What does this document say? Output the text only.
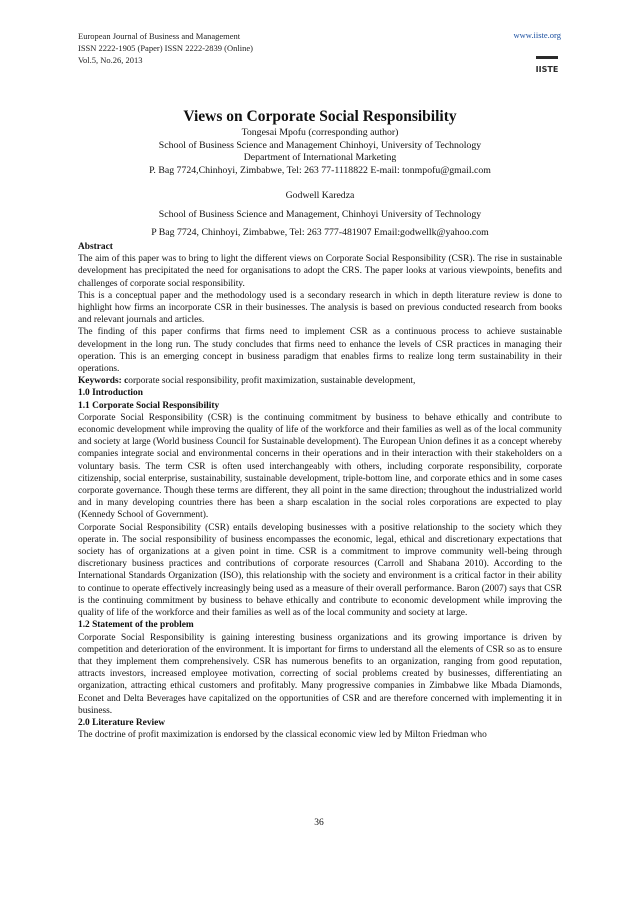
European Journal of Business and Management
ISSN 2222-1905 (Paper) ISSN 2222-2839 (Online)
Vol.5, No.26, 2013
www.iiste.org
IISTE
Views on Corporate Social Responsibility
Tongesai Mpofu (corresponding author)
School of Business Science and Management Chinhoyi, University of Technology
Department of International Marketing
P. Bag 7724,Chinhoyi, Zimbabwe, Tel: 263 77-1118822 E-mail: tonmpofu@gmail.com
Godwell Karedza
School of Business Science and Management, Chinhoyi University of Technology
P Bag 7724, Chinhoyi, Zimbabwe, Tel: 263 777-481907 Email:godwellk@yahoo.com

Abstract

The aim of this paper was to bring to light the different views on Corporate Social Responsibility (CSR). The rise in sustainable development has precipitated the need for organisations to adopt the CRS. The paper looks at various viewpoints, benefits and challenges of corporate social responsibility.

This is a conceptual paper and the methodology used is a secondary research in which in depth literature review is done to highlight how firms an incorporate CSR in their businesses. The analysis is based on previous conducted research from books and relevant journals and articles.

The finding of this paper confirms that firms need to implement CSR as a continuous process to achieve sustainable development in the long run. The study concludes that firms need to enhance the levels of CSR practices in managing their operation. This is an emerging concept in business paradigm that enables firms to realize long term sustainability in their operations.

Keywords: corporate social responsibility, profit maximization, sustainable development,

1.0 Introduction

1.1 Corporate Social Responsibility

Corporate Social Responsibility (CSR) is the continuing commitment by business to behave ethically and contribute to economic development while improving the quality of life of the workforce and their families as well as of the local community and society at large (World business Council for Sustainable development). The European Union defines it as a concept whereby companies integrate social and environmental concerns in their operations and in their interaction with their stakeholders on a voluntary basis. The term CSR is often used interchangeably with others, including corporate responsibility, corporate citizenship, social enterprise, sustainability, sustainable development, triple-bottom line, and corporate ethics and in some cases corporate governance. Though these terms are different, they all point in the same direction; throughout the industrialized world and in many developing countries there has been a sharp escalation in the social roles corporations are expected to play (Kennedy School of Government).

Corporate Social Responsibility (CSR) entails developing businesses with a positive relationship to the society which they operate in. The social responsibility of business encompasses the economic, legal, ethical and discretionary expectations that society has of organizations at a given point in time. CSR is a commitment to improve community well-being through discretionary business practices and contributions of corporate resources (Carroll and Shabana 2010). According to the International Standards Organization (ISO), this relationship with the society and environment is a critical factor in their ability to continue to operate effectively increasingly being used as a measure of their overall performance. Baron (2007) says that CSR is the continuing commitment by business to behave ethically and contribute to economic development while improving the quality of life of the workforce and their families as well as of the local community and society at large.

1.2 Statement of the problem

Corporate Social Responsibility is gaining interesting business organizations and its growing importance is driven by competition and deterioration of the environment. It is important for firms to understand all the elements of CSR so as to ensure that they implement them comprehensively. CSR has numerous benefits to an organization, ranging from good reputation, attracts investors, increased employee motivation, correcting of social problems created by businesses, differentiating an organization, attracting ethical customers and profitably. Many progressive companies in Zimbabwe like Mbada Diamonds, Econet and Delta Beverages have capitalized on the opportunities of CSR and are therefore concerned with implementing it in business.

2.0 Literature Review

The doctrine of profit maximization is endorsed by the classical economic view led by Milton Friedman who

36
